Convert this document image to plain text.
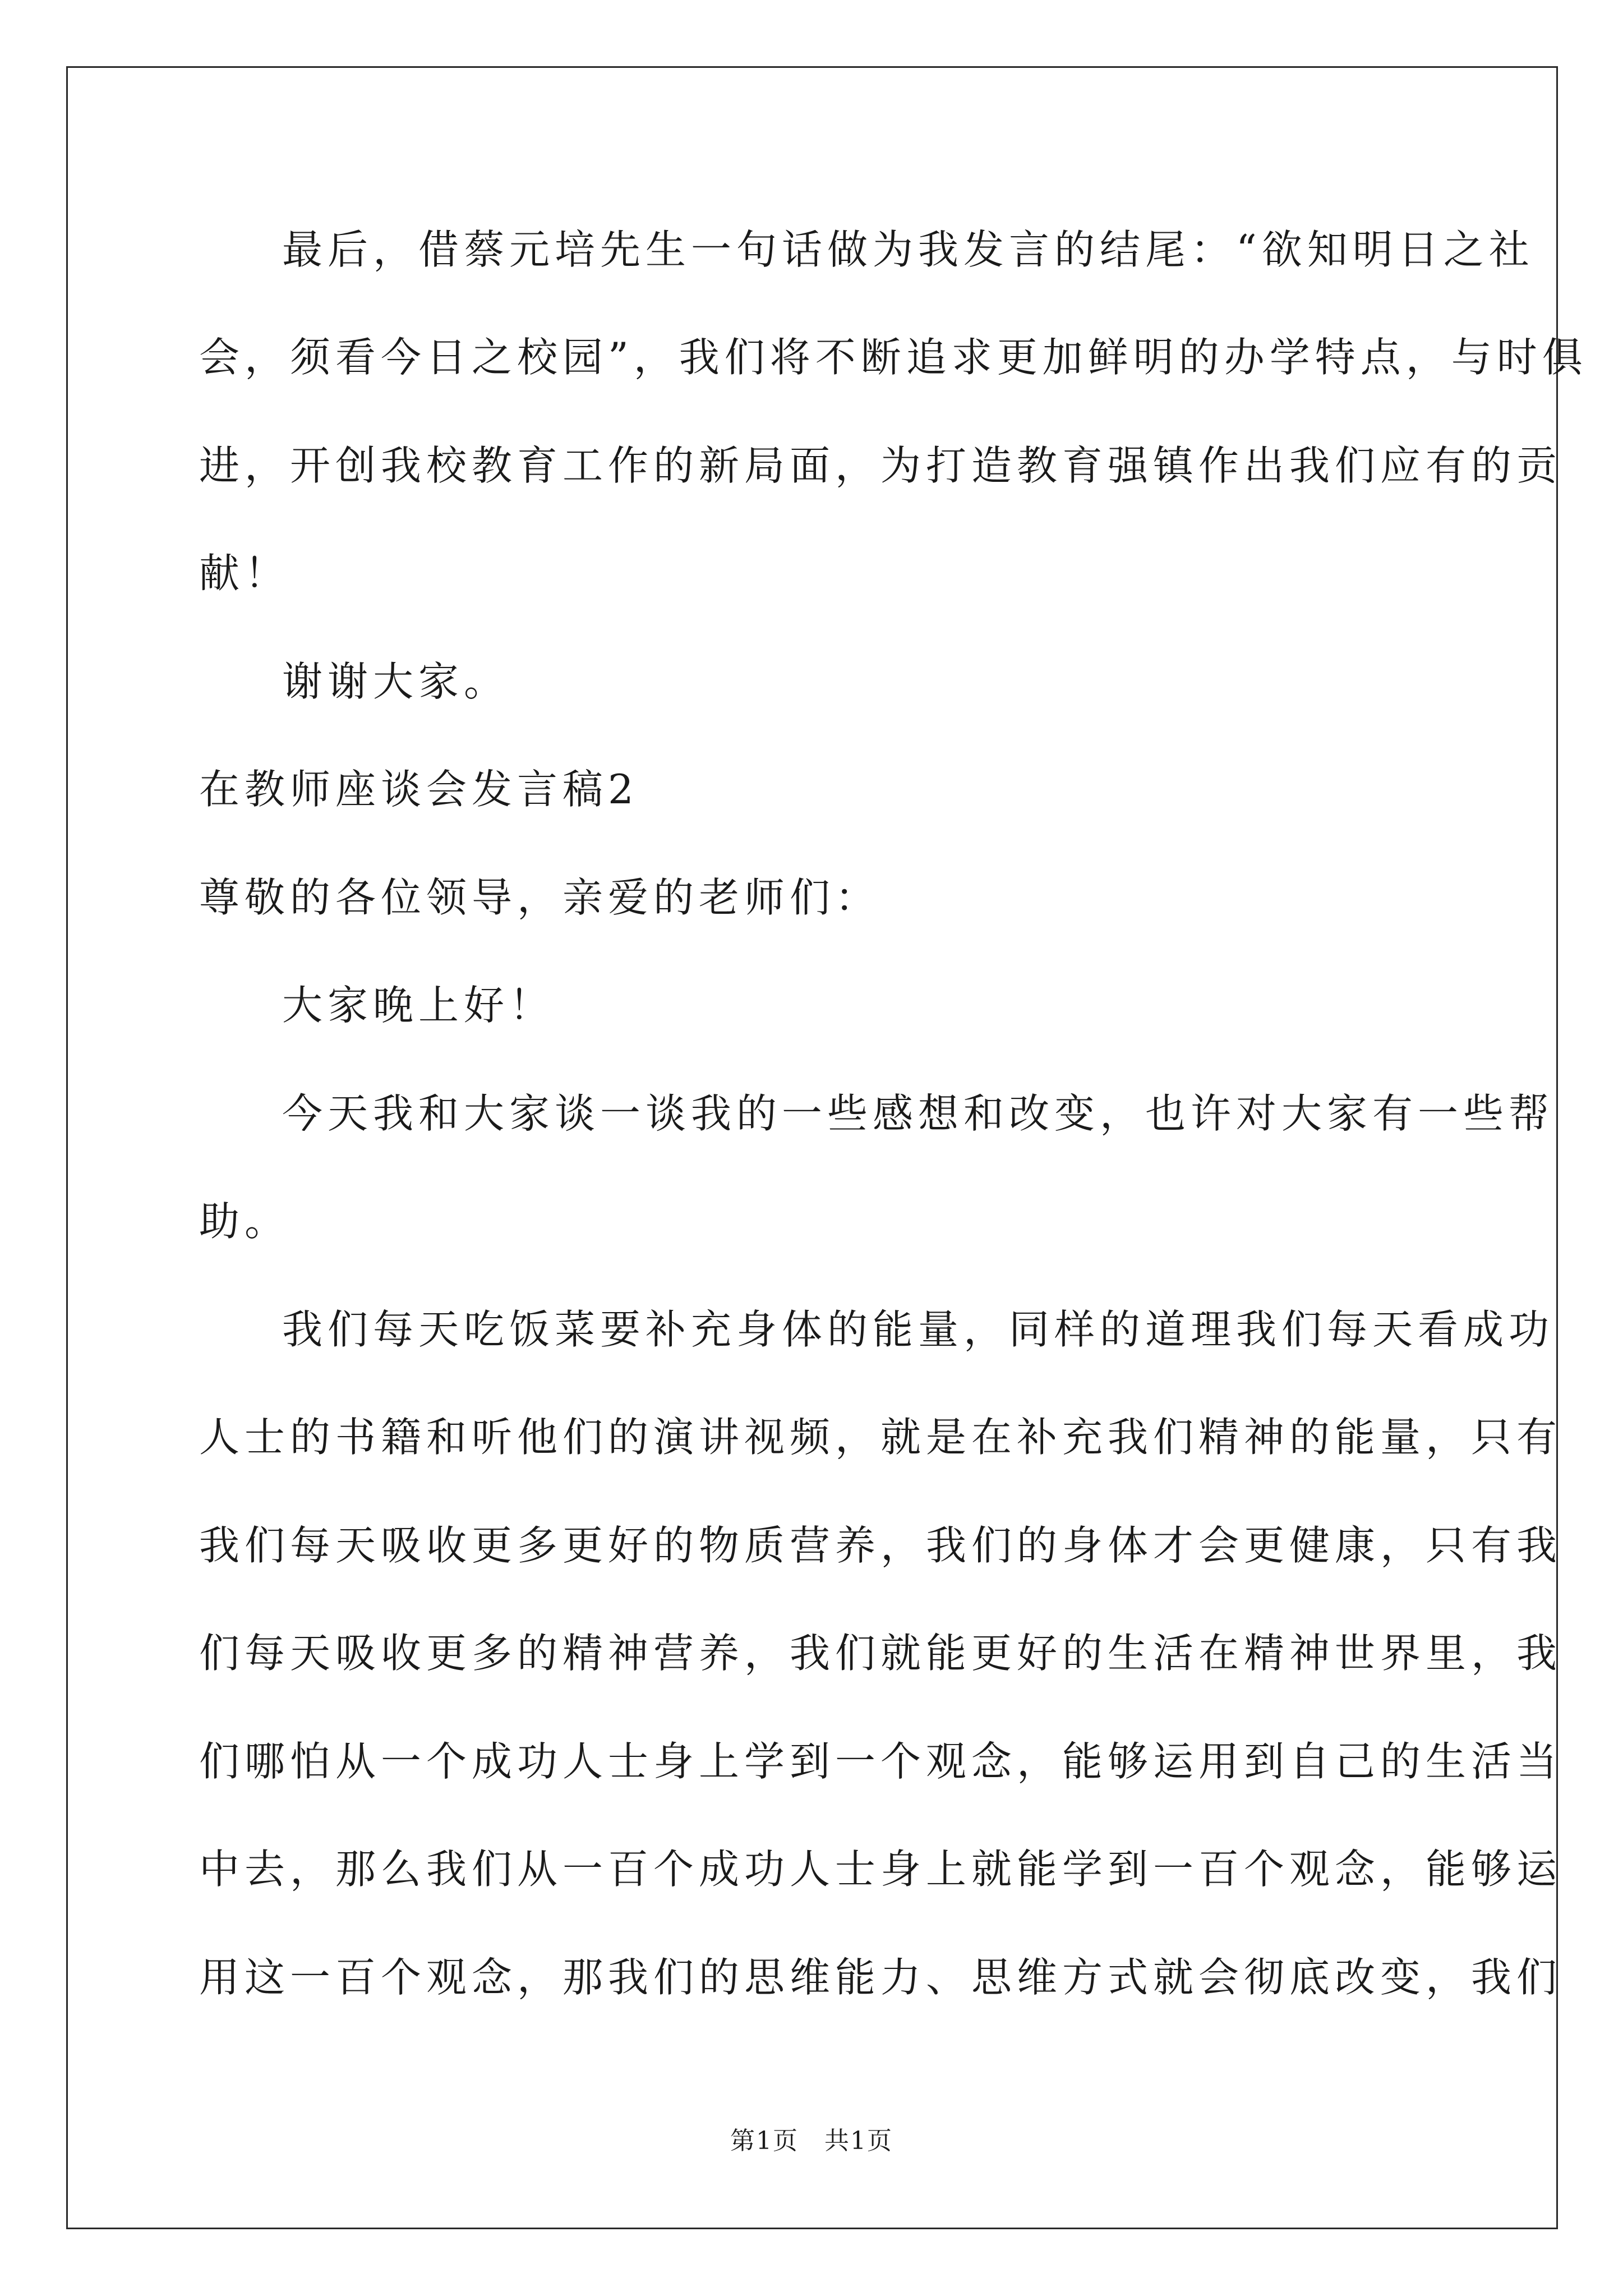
最后，借蔡元培先生一句话做为我发言的结尾：“欲知明日之社
会，须看今日之校园”，我们将不断追求更加鲜明的办学特点，与时俱
进，开创我校教育工作的新局面，为打造教育强镇作出我们应有的贡
献！
谢谢大家。
在教师座谈会发言稿2
尊敬的各位领导，亲爱的老师们：
大家晚上好！
今天我和大家谈一谈我的一些感想和改变，也许对大家有一些帮
助。
我们每天吃饭菜要补充身体的能量，同样的道理我们每天看成功
人士的书籍和听他们的演讲视频，就是在补充我们精神的能量，只有
我们每天吸收更多更好的物质营养，我们的身体才会更健康，只有我
们每天吸收更多的精神营养，我们就能更好的生活在精神世界里，我
们哪怕从一个成功人士身上学到一个观念，能够运用到自己的生活当
中去，那么我们从一百个成功人士身上就能学到一百个观念，能够运
用这一百个观念，那我们的思维能力、思维方式就会彻底改变，我们
第1页　共1页
